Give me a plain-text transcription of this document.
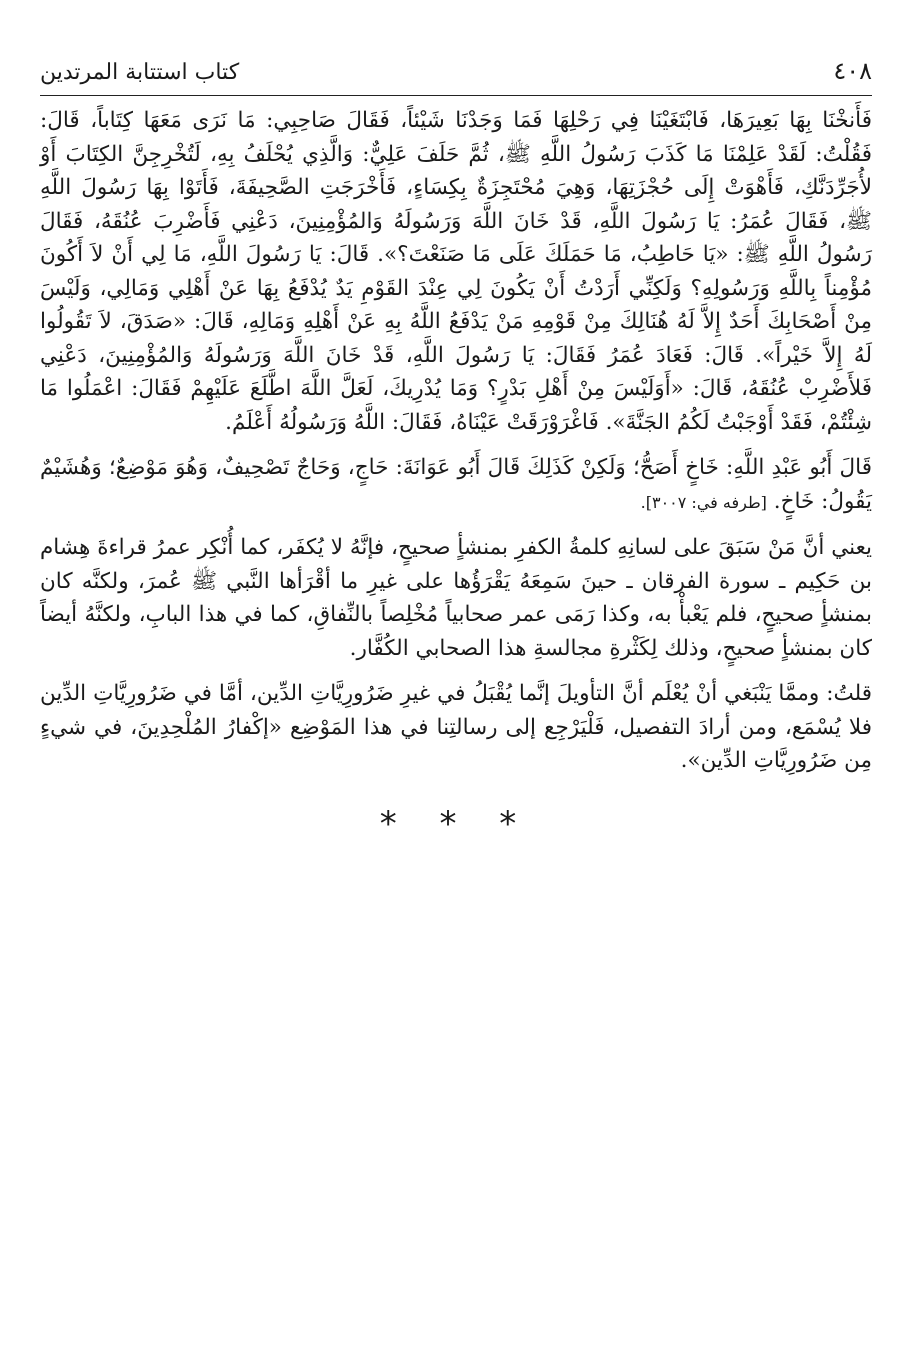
٤٠٨
كتاب استتابة المرتدين

فَأَنخْنَا بِهَا بَعِيرَهَا، فَابْتَغَيْنَا فِي رَحْلِهَا فَمَا وَجَدْنَا شَيْئاً، فَقَالَ صَاحِبِي: مَا نَرَى مَعَهَا كِتَاباً، قَالَ: فَقُلْتُ: لَقَدْ عَلِمْنَا مَا كَذَبَ رَسُولُ اللَّهِ ﷺ، ثُمَّ حَلَفَ عَلِيٌّ: وَالَّذِي يُحْلَفُ بِهِ، لَتُخْرِجِنَّ الكِتَابَ أَوْ لأُجَرِّدَنَّكِ، فَأَهْوَتْ إِلَى حُجْزَتِهَا، وَهِيَ مُحْتَجِزَةٌ بِكِسَاءٍ، فَأَخْرَجَتِ الصَّحِيفَةَ، فَأَتَوْا بِهَا رَسُولَ اللَّهِ ﷺ، فَقَالَ عُمَرُ: يَا رَسُولَ اللَّهِ، قَدْ خَانَ اللَّهَ وَرَسُولَهُ وَالمُؤْمِنِينَ، دَعْنِي فَأَضْرِبَ عُنُقَهُ، فَقَالَ رَسُولُ اللَّهِ ﷺ: «يَا حَاطِبُ، مَا حَمَلَكَ عَلَى مَا صَنَعْتَ؟». قَالَ: يَا رَسُولَ اللَّهِ، مَا لِي أَنْ لاَ أَكُونَ مُؤْمِناً بِاللَّهِ وَرَسُولِهِ؟ وَلَكِنِّي أَرَدْتُ أَنْ يَكُونَ لِي عِنْدَ القَوْمِ يَدٌ يُدْفَعُ بِهَا عَنْ أَهْلِي وَمَالِي، وَلَيْسَ مِنْ أَصْحَابِكَ أَحَدٌ إِلاَّ لَهُ هُنَالِكَ مِنْ قَوْمِهِ مَنْ يَدْفَعُ اللَّهُ بِهِ عَنْ أَهْلِهِ وَمَالِهِ، قَالَ: «صَدَقَ، لاَ تَقُولُوا لَهُ إِلاَّ خَيْراً». قَالَ: فَعَادَ عُمَرُ فَقَالَ: يَا رَسُولَ اللَّهِ، قَدْ خَانَ اللَّهَ وَرَسُولَهُ وَالمُؤْمِنِينَ، دَعْنِي فَلأَضْرِبْ عُنُقَهُ، قَالَ: «أَوَلَيْسَ مِنْ أَهْلِ بَدْرٍ؟ وَمَا يُدْرِيكَ، لَعَلَّ اللَّهَ اطَّلَعَ عَلَيْهِمْ فَقَالَ: اعْمَلُوا مَا شِئْتُمْ، فَقَدْ أَوْجَبْتُ لَكُمُ الجَنَّةَ». فَاغْرَوْرَقَتْ عَيْنَاهُ، فَقَالَ: اللَّهُ وَرَسُولُهُ أَعْلَمُ.

قَالَ أَبُو عَبْدِ اللَّهِ: خَاخٍ أَصَحُّ؛ وَلَكِنْ كَذَلِكَ قَالَ أَبُو عَوَانَةَ: حَاجٍ، وَحَاجٌ تَصْحِيفٌ، وَهُوَ مَوْضِعٌ؛ وَهُشَيْمٌ يَقُولُ: خَاخٍ. [طرفه في: ٣٠٠٧].

يعني أنَّ مَنْ سَبَقَ على لسانِهِ كلمةُ الكفرِ بمنشأٍ صحيحٍ، فإنَّهُ لا يُكفَر، كما أُنْكِر عمرُ قراءةَ هِشام بن حَكِيم ـ سورة الفرقان ـ حينَ سَمِعَهُ يَقْرَؤُها على غيرِ ما أقْرَأها النَّبي ﷺ عُمرَ، ولكنَّه كان بمنشأٍ صحيحٍ، فلم يَعْبأْ به، وكذا رَمَى عمر صحابياً مُخْلِصاً بالنِّفاقِ، كما في هذا البابِ، ولكنَّهُ أيضاً كان بمنشأٍ صحيحٍ، وذلك لِكَثْرةِ مجالسةِ هذا الصحابي الكُفَّار.

قلتُ: وممَّا يَنْبَغي أنْ يُعْلَم أنَّ التأويلَ إنَّما يُقْبَلُ في غيرِ ضَرُورِيَّاتِ الدِّين، أمَّا في ضَرُورِيَّاتِ الدِّين فلا يُسْمَع، ومن أرادَ التفصيل، فَلْيَرْجِع إلى رسالتِنا في هذا المَوْضِع «إكْفارُ المُلْحِدِينَ، في شيءٍ مِن ضَرُورِيَّاتِ الدِّين».

* * *
